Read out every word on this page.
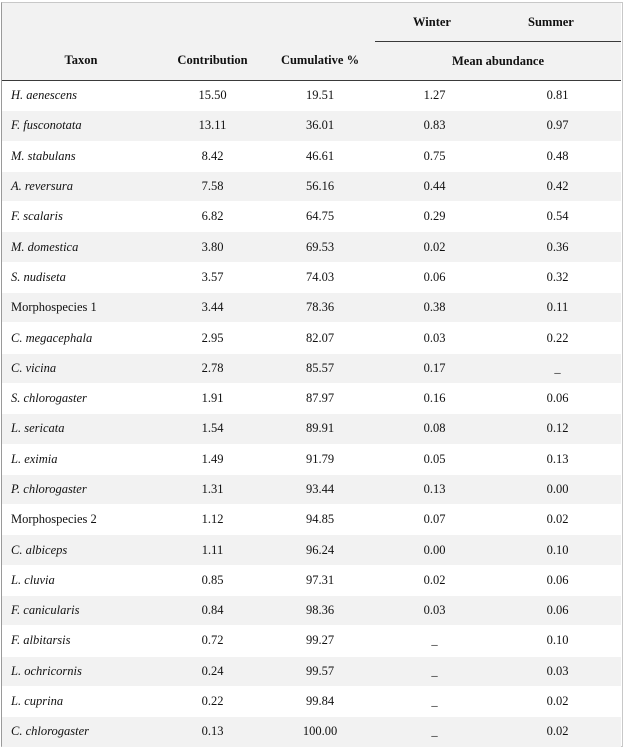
			Winter	Summer
Taxon	Contribution	Cumulative %	Mean abundance	
H. aenescens	15.50	19.51	1.27	0.81
F. fusconotata	13.11	36.01	0.83	0.97
M. stabulans	8.42	46.61	0.75	0.48
A. reversura	7.58	56.16	0.44	0.42
F. scalaris	6.82	64.75	0.29	0.54
M. domestica	3.80	69.53	0.02	0.36
S. nudiseta	3.57	74.03	0.06	0.32
Morphospecies 1	3.44	78.36	0.38	0.11
C. megacephala	2.95	82.07	0.03	0.22
C. vicina	2.78	85.57	0.17	_
S. chlorogaster	1.91	87.97	0.16	0.06
L. sericata	1.54	89.91	0.08	0.12
L. eximia	1.49	91.79	0.05	0.13
P. chlorogaster	1.31	93.44	0.13	0.00
Morphospecies 2	1.12	94.85	0.07	0.02
C. albiceps	1.11	96.24	0.00	0.10
L. cluvia	0.85	97.31	0.02	0.06
F. canicularis	0.84	98.36	0.03	0.06
F. albitarsis	0.72	99.27	_	0.10
L. ochricornis	0.24	99.57	_	0.03
L. cuprina	0.22	99.84	_	0.02
C. chlorogaster	0.13	100.00	_	0.02
